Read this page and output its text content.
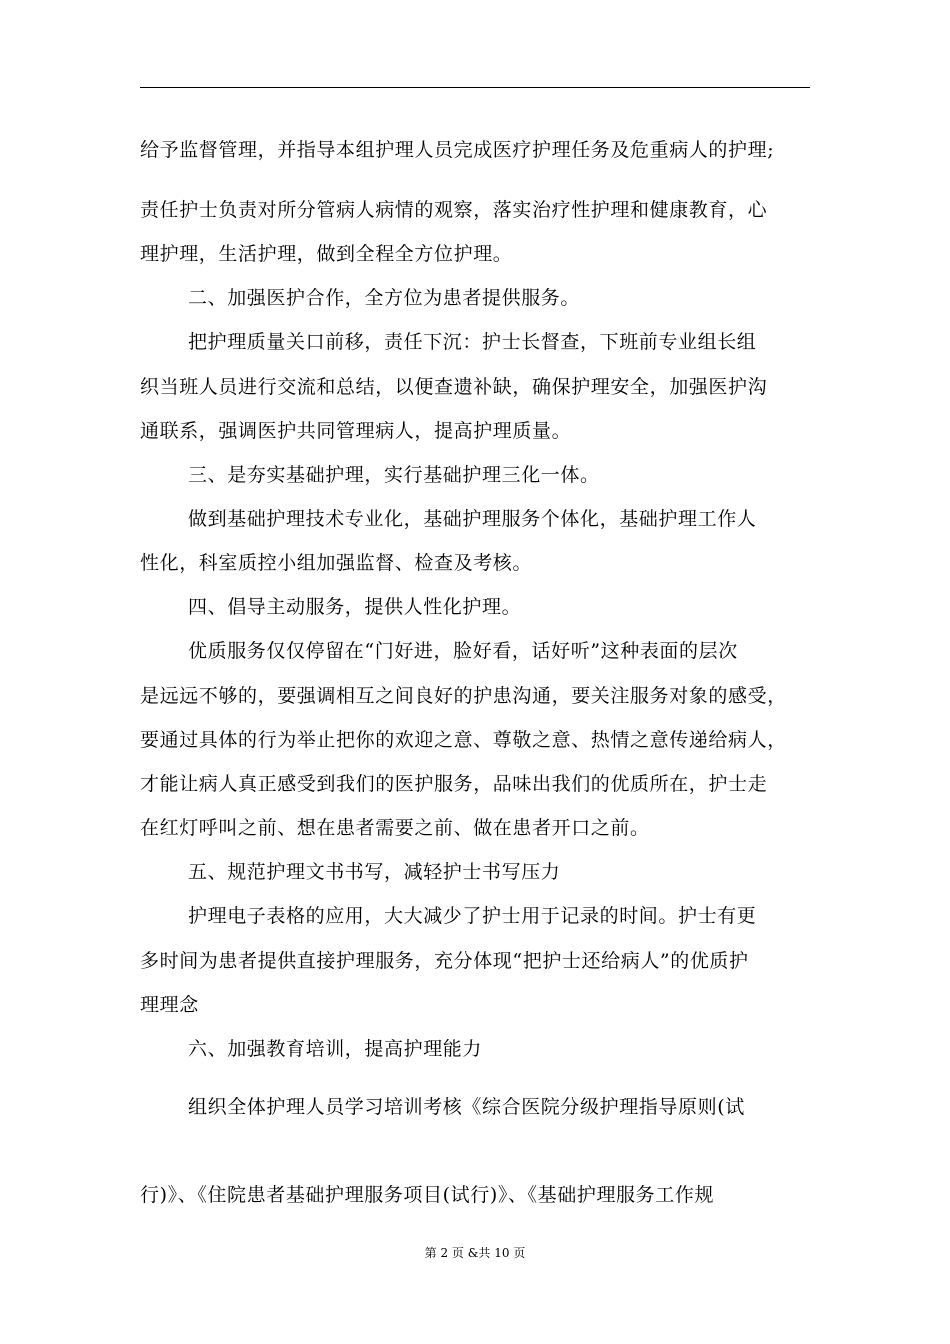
给予监督管理，并指导本组护理人员完成医疗护理任务及危重病人的护理;
责任护士负责对所分管病人病情的观察，落实治疗性护理和健康教育，心
理护理，生活护理，做到全程全方位护理。
二、加强医护合作，全方位为患者提供服务。
把护理质量关口前移，责任下沉：护士长督查，下班前专业组长组
织当班人员进行交流和总结，以便查遗补缺，确保护理安全，加强医护沟
通联系，强调医护共同管理病人，提高护理质量。
三、是夯实基础护理，实行基础护理三化一体。
做到基础护理技术专业化，基础护理服务个体化，基础护理工作人
性化，科室质控小组加强监督、检查及考核。
四、倡导主动服务，提供人性化护理。
优质服务仅仅停留在“门好进，脸好看，话好听”这种表面的层次
是远远不够的，要强调相互之间良好的护患沟通，要关注服务对象的感受，
要通过具体的行为举止把你的欢迎之意、尊敬之意、热情之意传递给病人，
才能让病人真正感受到我们的医护服务，品味出我们的优质所在，护士走
在红灯呼叫之前、想在患者需要之前、做在患者开口之前。
五、规范护理文书书写，减轻护士书写压力
护理电子表格的应用，大大减少了护士用于记录的时间。护士有更
多时间为患者提供直接护理服务，充分体现“把护士还给病人”的优质护
理理念
六、加强教育培训，提高护理能力
组织全体护理人员学习培训考核《综合医院分级护理指导原则(试
行)》、《住院患者基础护理服务项目(试行)》、《基础护理服务工作规
第 2 页 &共 10 页
